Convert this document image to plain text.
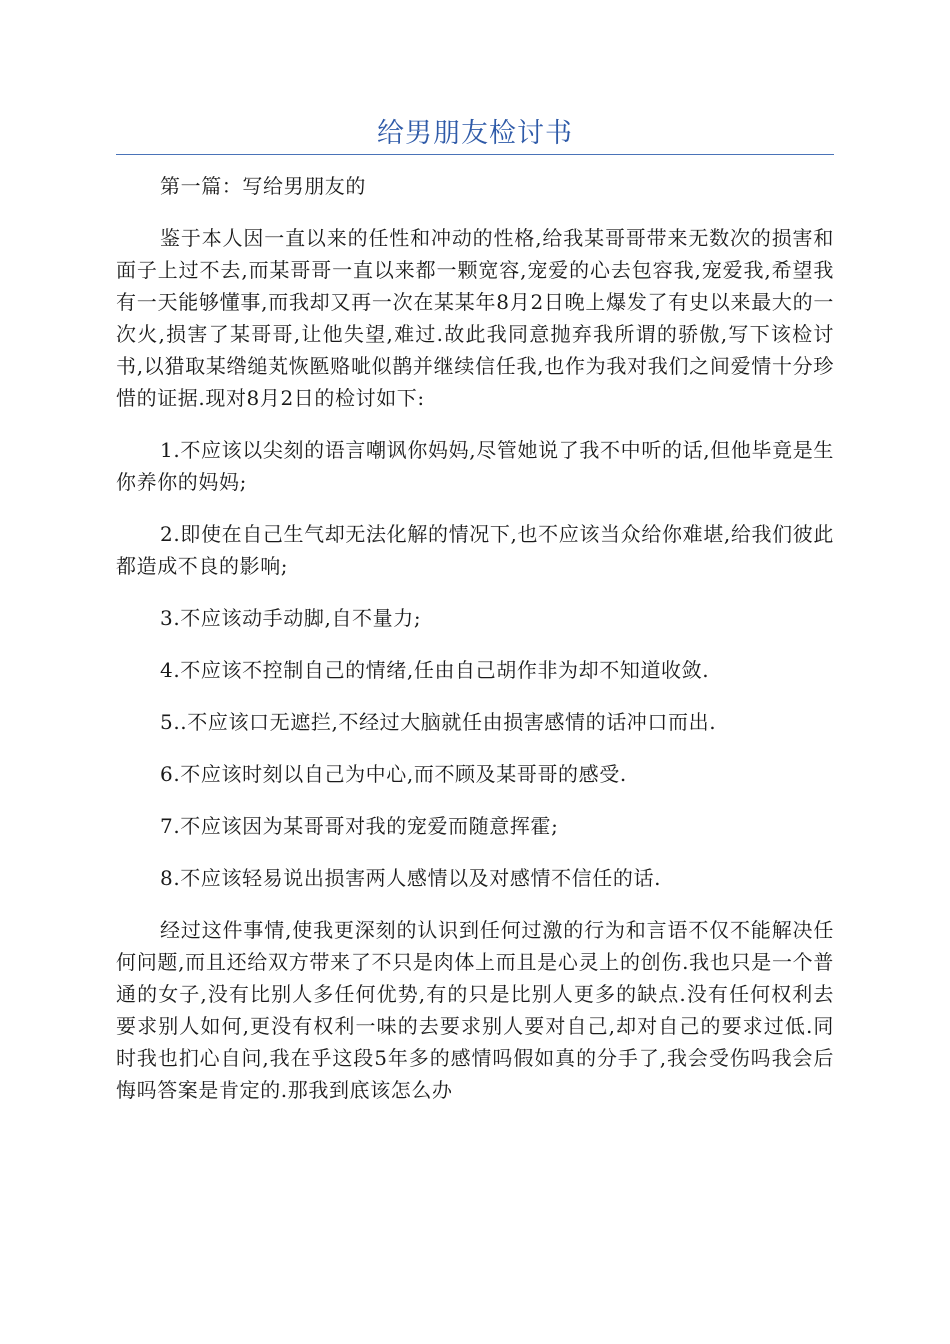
给男朋友检讨书

第一篇：写给男朋友的

鉴于本人因一直以来的任性和冲动的性格,给我某哥哥带来无数次的损害和面子上过不去,而某哥哥一直以来都一颗宽容,宠爱的心去包容我,宠爱我,希望我有一天能够懂事,而我却又再一次在某某年8月2日晚上爆发了有史以来最大的一次火,损害了某哥哥,让他失望,难过.故此我同意抛弃我所谓的骄傲,写下该检讨书,以猎取某绺缒芄恢匦赂呲似鹊并继续信任我,也作为我对我们之间爱情十分珍惜的证据.现对8月2日的检讨如下:

1.不应该以尖刻的语言嘲讽你妈妈,尽管她说了我不中听的话,但他毕竟是生你养你的妈妈;

2.即使在自己生气却无法化解的情况下,也不应该当众给你难堪,给我们彼此都造成不良的影响;

3.不应该动手动脚,自不量力;

4.不应该不控制自己的情绪,任由自己胡作非为却不知道收敛.

5..不应该口无遮拦,不经过大脑就任由损害感情的话冲口而出.

6.不应该时刻以自己为中心,而不顾及某哥哥的感受.

7.不应该因为某哥哥对我的宠爱而随意挥霍;

8.不应该轻易说出损害两人感情以及对感情不信任的话.

经过这件事情,使我更深刻的认识到任何过激的行为和言语不仅不能解决任何问题,而且还给双方带来了不只是肉体上而且是心灵上的创伤.我也只是一个普通的女子,没有比别人多任何优势,有的只是比别人更多的缺点.没有任何权利去要求别人如何,更没有权利一味的去要求别人要对自己,却对自己的要求过低.同时我也扪心自问,我在乎这段5年多的感情吗假如真的分手了,我会受伤吗我会后悔吗答案是肯定的.那我到底该怎么办
